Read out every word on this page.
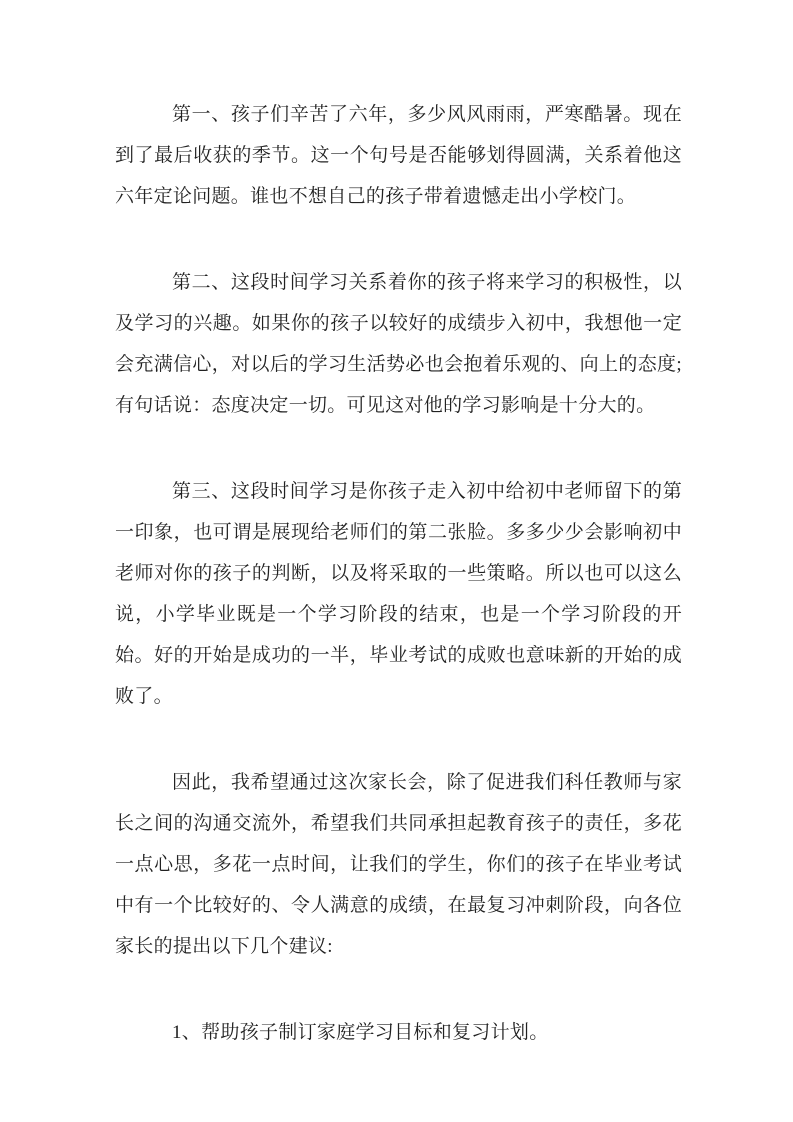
第一、孩子们辛苦了六年，多少风风雨雨，严寒酷暑。现在到了最后收获的季节。这一个句号是否能够划得圆满，关系着他这六年定论问题。谁也不想自己的孩子带着遗憾走出小学校门。

第二、这段时间学习关系着你的孩子将来学习的积极性，以及学习的兴趣。如果你的孩子以较好的成绩步入初中，我想他一定会充满信心，对以后的学习生活势必也会抱着乐观的、向上的态度;有句话说：态度决定一切。可见这对他的学习影响是十分大的。

第三、这段时间学习是你孩子走入初中给初中老师留下的第一印象，也可谓是展现给老师们的第二张脸。多多少少会影响初中老师对你的孩子的判断，以及将采取的一些策略。所以也可以这么说，小学毕业既是一个学习阶段的结束，也是一个学习阶段的开始。好的开始是成功的一半，毕业考试的成败也意味新的开始的成败了。

因此，我希望通过这次家长会，除了促进我们科任教师与家长之间的沟通交流外，希望我们共同承担起教育孩子的责任，多花一点心思，多花一点时间，让我们的学生，你们的孩子在毕业考试中有一个比较好的、令人满意的成绩，在最复习冲刺阶段，向各位家长的提出以下几个建议:

1、帮助孩子制订家庭学习目标和复习计划。
